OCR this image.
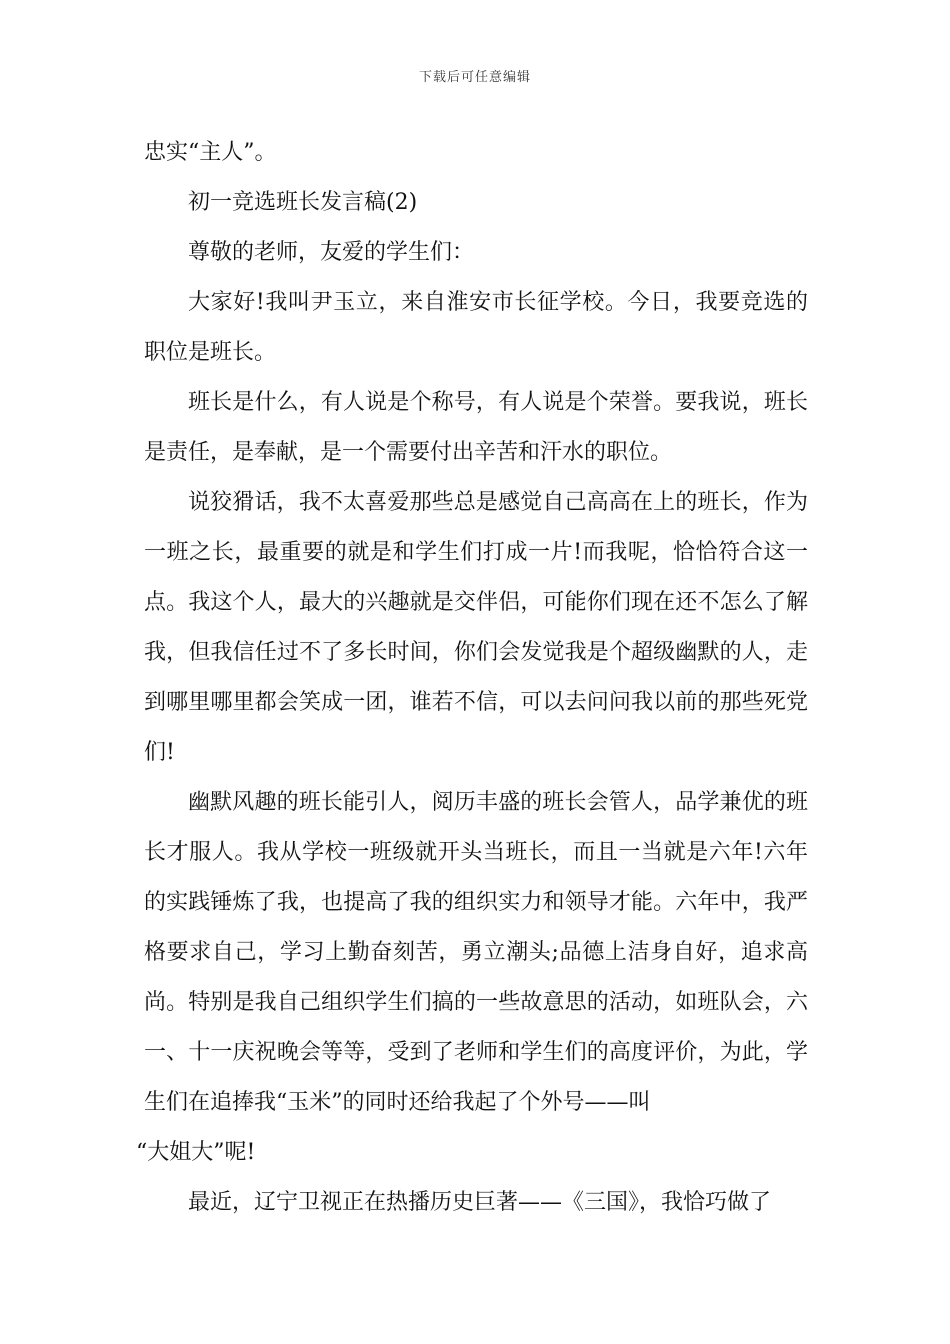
下载后可任意编辑

忠实“主人”。

初一竞选班长发言稿(2)

尊敬的老师，友爱的学生们：

大家好!我叫尹玉立，来自淮安市长征学校。今日，我要竞选的职位是班长。

班长是什么，有人说是个称号，有人说是个荣誉。要我说，班长是责任，是奉献，是一个需要付出辛苦和汗水的职位。

说狡猾话，我不太喜爱那些总是感觉自己高高在上的班长，作为一班之长，最重要的就是和学生们打成一片!而我呢，恰恰符合这一点。我这个人，最大的兴趣就是交伴侣，可能你们现在还不怎么了解我，但我信任过不了多长时间，你们会发觉我是个超级幽默的人，走到哪里哪里都会笑成一团，谁若不信，可以去问问我以前的那些死党们!

幽默风趣的班长能引人，阅历丰盛的班长会管人，品学兼优的班长才服人。我从学校一班级就开头当班长，而且一当就是六年!六年的实践锤炼了我，也提高了我的组织实力和领导才能。六年中，我严格要求自己，学习上勤奋刻苦，勇立潮头;品德上洁身自好，追求高尚。特别是我自己组织学生们搞的一些故意思的活动，如班队会，六一、十一庆祝晚会等等，受到了老师和学生们的高度评价，为此，学生们在追捧我“玉米”的同时还给我起了个外号——叫

“大姐大”呢!

最近，辽宁卫视正在热播历史巨著——《三国》，我恰巧做了
